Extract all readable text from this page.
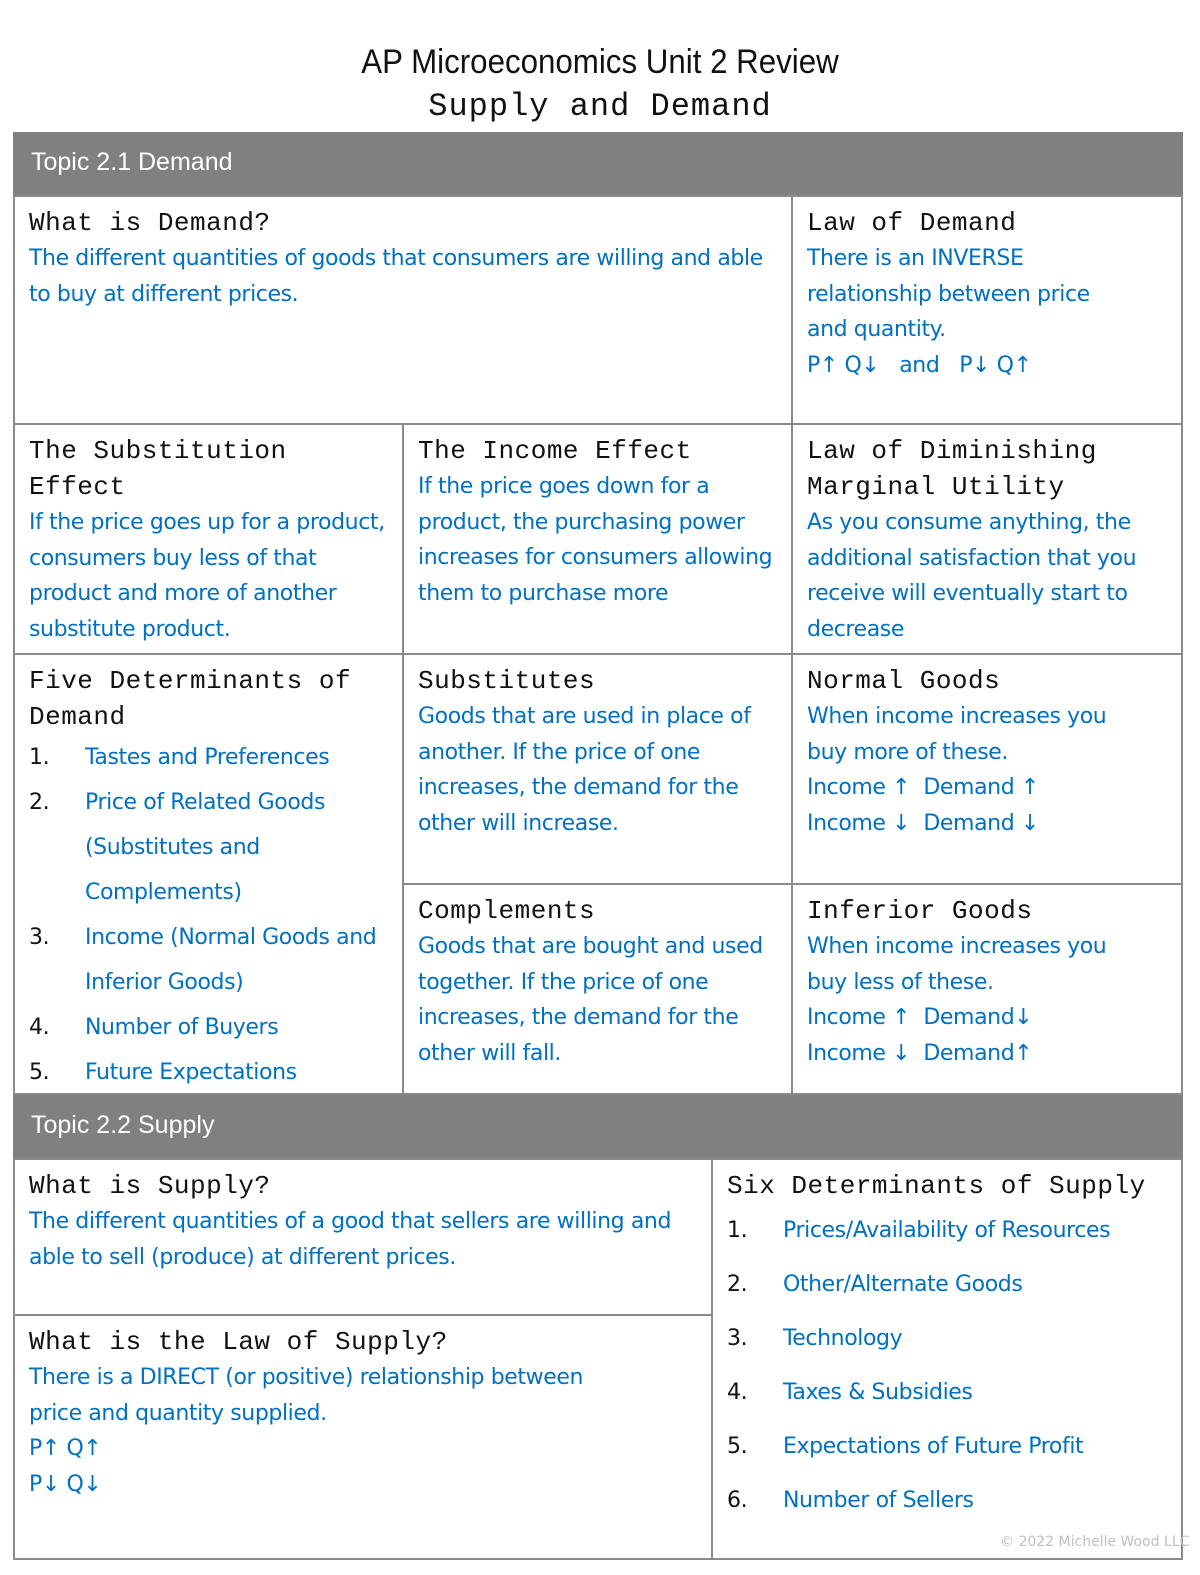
AP Microeconomics Unit 2 Review
Supply and Demand
Topic 2.1 Demand
What is Demand?
The different quantities of goods that consumers are willing and able to buy at different prices.
Law of Demand
There is an INVERSE
relationship between price
and quantity.
P↑ Q↓   and   P↓ Q↑
The Substitution Effect
If the price goes up for a product, consumers buy less of that product and more of another substitute product.
The Income Effect
If the price goes down for a product, the purchasing power increases for consumers allowing them to purchase more
Law of Diminishing Marginal Utility
As you consume anything, the additional satisfaction that you receive will eventually start to decrease
Five Determinants of Demand
1.	Tastes and Preferences
2.	Price of Related Goods (Substitutes and Complements)
3.	Income (Normal Goods and Inferior Goods)
4.	Number of Buyers
5.	Future Expectations
Substitutes
Goods that are used in place of another. If the price of one increases, the demand for the other will increase.
Normal Goods
When income increases you
buy more of these.
Income ↑  Demand ↑
Income ↓  Demand ↓
Complements
Goods that are bought and used together. If the price of one increases, the demand for the other will fall.
Inferior Goods
When income increases you
buy less of these.
Income ↑  Demand↓
Income ↓  Demand↑
Topic 2.2 Supply
What is Supply?
The different quantities of a good that sellers are willing and able to sell (produce) at different prices.
What is the Law of Supply?
There is a DIRECT (or positive) relationship between
price and quantity supplied.
P↑ Q↑
P↓ Q↓
Six Determinants of Supply
1.	Prices/Availability of Resources
2.	Other/Alternate Goods
3.	Technology
4.	Taxes & Subsidies
5.	Expectations of Future Profit
6.	Number of Sellers
© 2022 Michelle Wood LLC
